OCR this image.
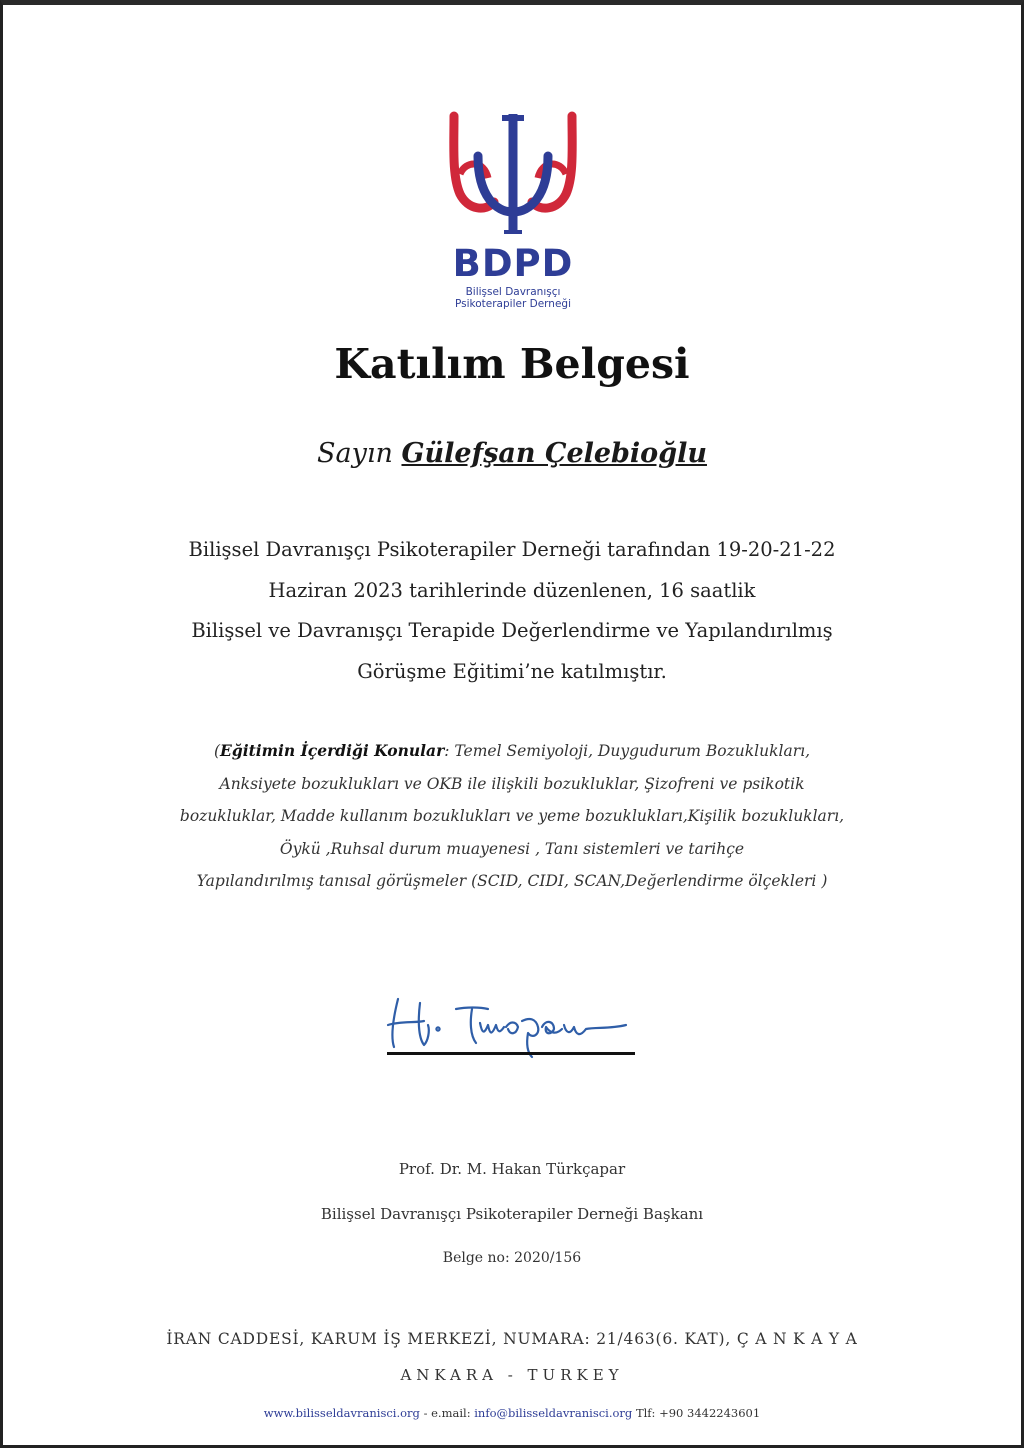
BDPD
Bilişsel Davranışçı
Psikoterapiler Derneği
Katılım Belgesi
Sayın Gülefşan Çelebioğlu
Bilişsel Davranışçı Psikoterapiler Derneği tarafından 19-20-21-22
Haziran 2023 tarihlerinde düzenlenen, 16 saatlik
Bilişsel ve Davranışçı Terapide Değerlendirme ve Yapılandırılmış
Görüşme Eğitimi’ne katılmıştır.
(Eğitimin İçerdiği Konular: Temel Semiyoloji, Duygudurum Bozuklukları,
Anksiyete bozuklukları ve OKB ile ilişkili bozukluklar, Şizofreni ve psikotik
bozukluklar, Madde kullanım bozuklukları ve yeme bozuklukları,Kişilik bozuklukları,
Öykü ,Ruhsal durum muayenesi , Tanı sistemleri ve tarihçe
Yapılandırılmış tanısal görüşmeler (SCID, CIDI, SCAN,Değerlendirme ölçekleri )
Prof. Dr. M. Hakan Türkçapar
Bilişsel Davranışçı Psikoterapiler Derneği Başkanı
Belge no: 2020/156
İRAN CADDESİ, KARUM İŞ MERKEZİ, NUMARA: 21/463(6. KAT), Ç A N K A Y A
ANKARA - TURKEY
www.bilisseldavranisci.org - e.mail: info@bilisseldavranisci.org Tlf: +90 3442243601
